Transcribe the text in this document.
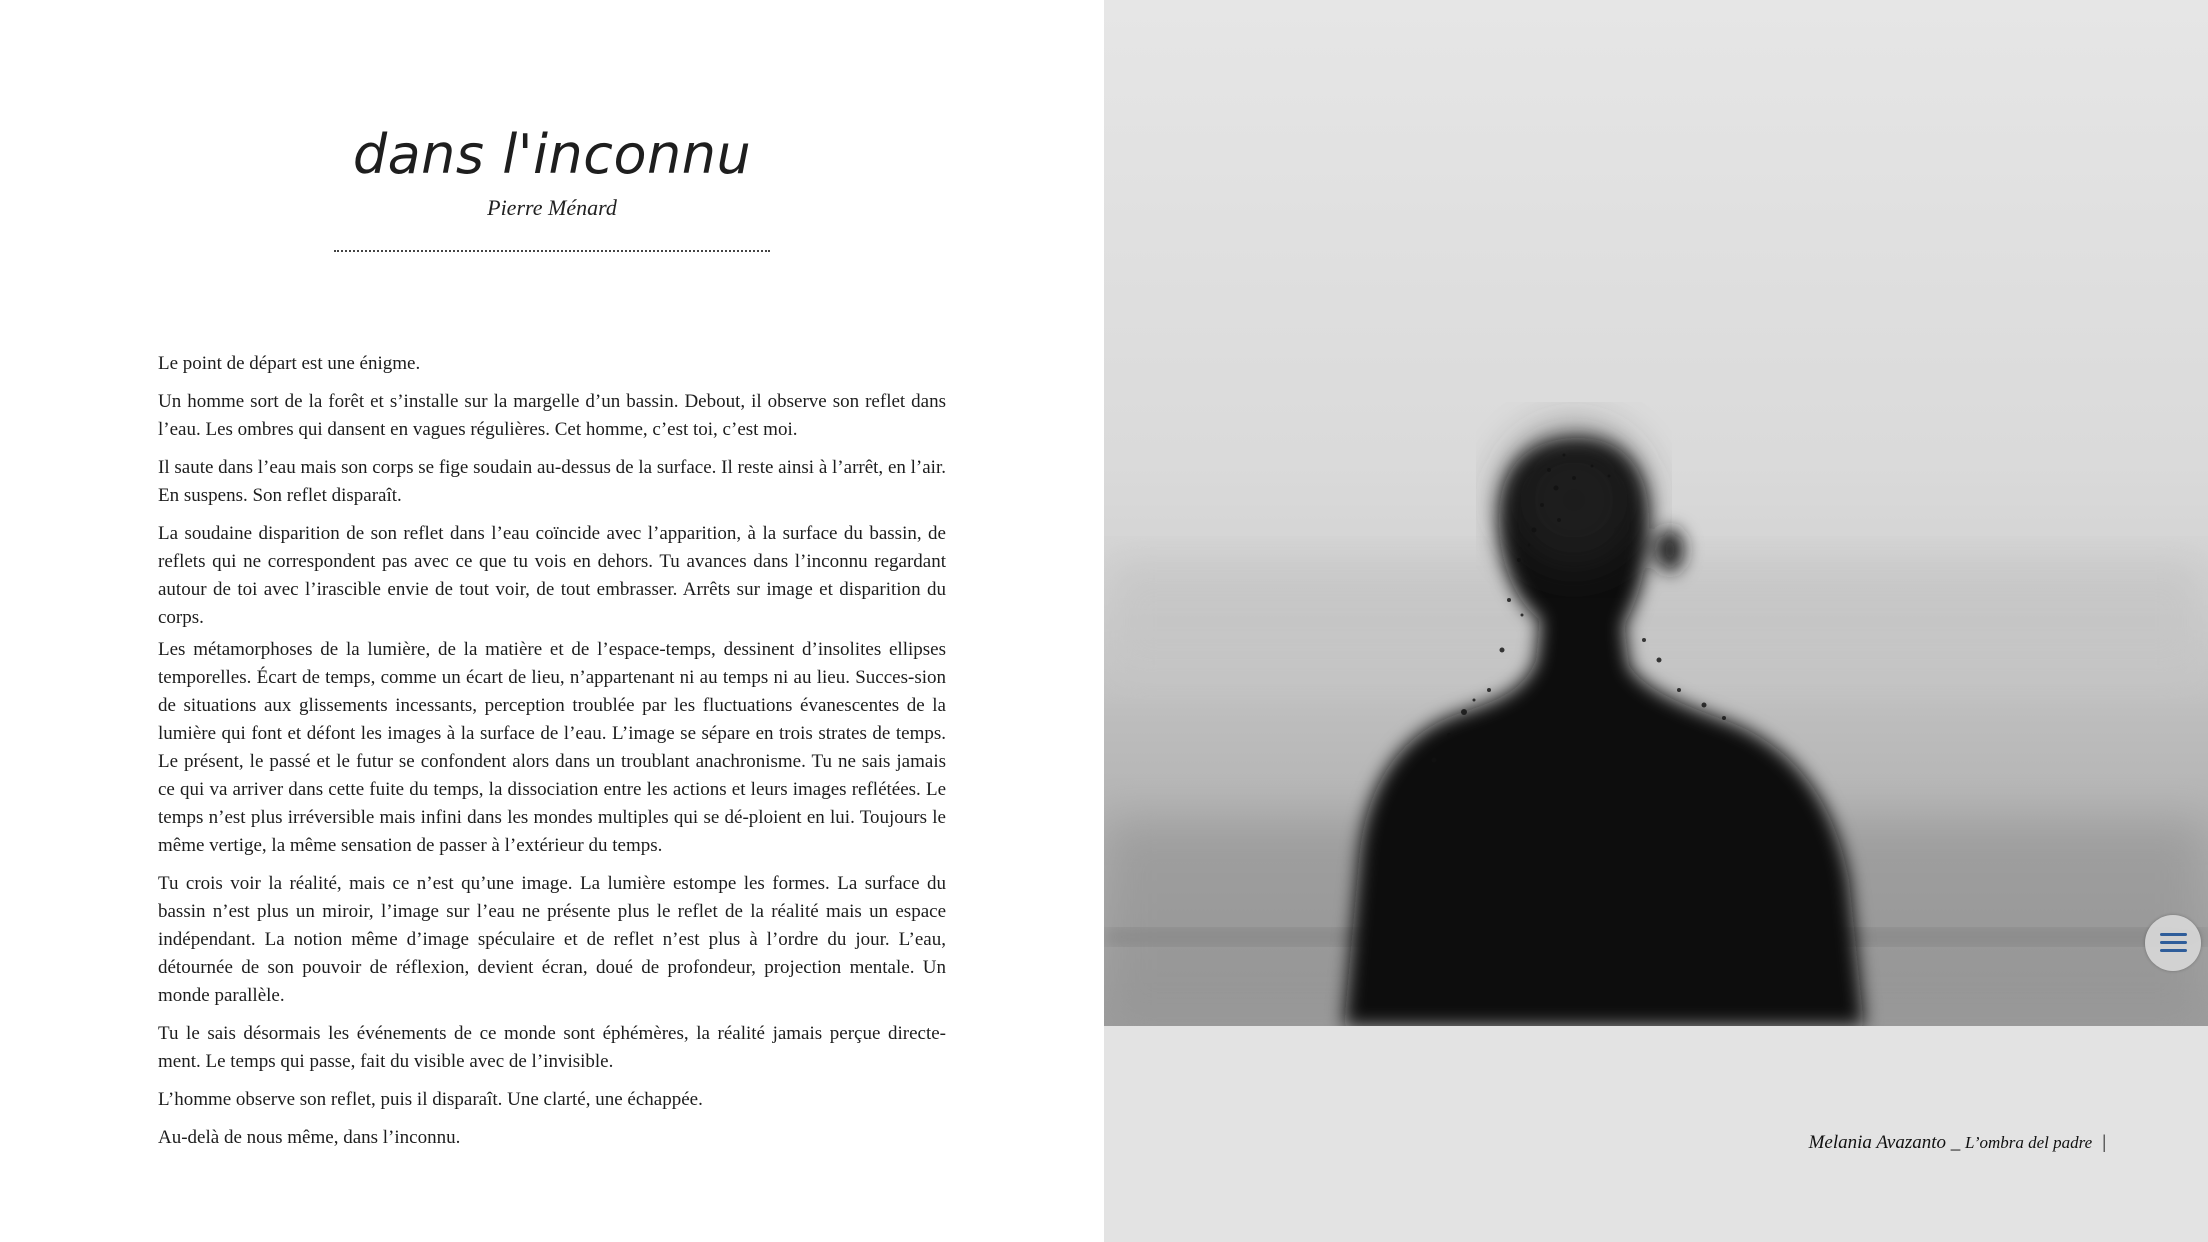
dans l'inconnu
Pierre Ménard

Le point de départ est une énigme.

Un homme sort de la forêt et s’installe sur la margelle d’un bassin. Debout, il observe son reflet dans l’eau. Les ombres qui dansent en vagues régulières. Cet homme, c’est toi, c’est moi.

Il saute dans l’eau mais son corps se fige soudain au-dessus de la surface. Il reste ainsi à l’arrêt, en l’air. En suspens. Son reflet disparaît.

La soudaine disparition de son reflet dans l’eau coïncide avec l’apparition, à la surface du bassin, de reflets qui ne correspondent pas avec ce que tu vois en dehors. Tu avances dans l’inconnu regardant autour de toi avec l’irascible envie de tout voir, de tout embrasser. Arrêts sur image et disparition du corps.

Les métamorphoses de la lumière, de la matière et de l’espace-temps, dessinent d’insolites ellipses temporelles. Écart de temps, comme un écart de lieu, n’appartenant ni au temps ni au lieu. Succes-sion de situations aux glissements incessants, perception troublée par les fluctuations évanescentes de la lumière qui font et défont les images à la surface de l’eau. L’image se sépare en trois strates de temps. Le présent, le passé et le futur se confondent alors dans un troublant anachronisme. Tu ne sais jamais ce qui va arriver dans cette fuite du temps, la dissociation entre les actions et leurs images reflétées. Le temps n’est plus irréversible mais infini dans les mondes multiples qui se dé-ploient en lui. Toujours le même vertige, la même sensation de passer à l’extérieur du temps.

Tu crois voir la réalité, mais ce n’est qu’une image. La lumière estompe les formes. La surface du bassin n’est plus un miroir, l’image sur l’eau ne présente plus le reflet de la réalité mais un espace indépendant. La notion même d’image spéculaire et de reflet n’est plus à l’ordre du jour. L’eau, détournée de son pouvoir de réflexion, devient écran, doué de profondeur, projection mentale. Un monde parallèle.

Tu le sais désormais les événements de ce monde sont éphémères, la réalité jamais perçue directe-ment. Le temps qui passe, fait du visible avec de l’invisible.

L’homme observe son reflet, puis il disparaît. Une clarté, une échappée.

Au-delà de nous même, dans l’inconnu.	Melania Avazanto _ L’ombra del padre |
